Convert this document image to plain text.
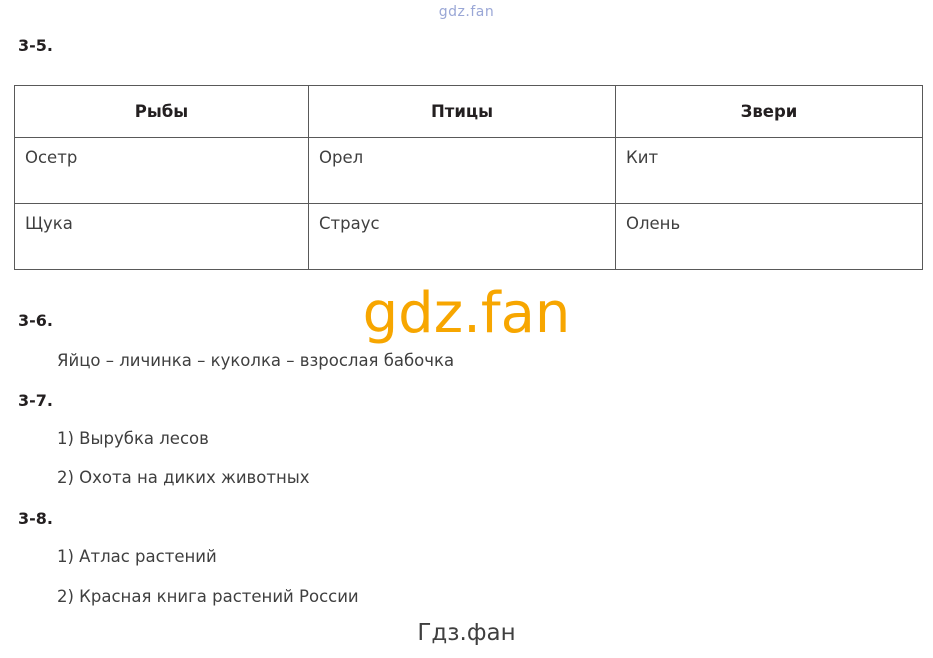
gdz.fan
3-5.
Рыбы	Птицы	Звери
Осетр	Орел	Кит
Щука	Страус	Олень
gdz.fan
3-6.
Яйцо – личинка – куколка – взрослая бабочка
3-7.
1) Вырубка лесов
2) Охота на диких животных
3-8.
1) Атлас растений
2) Красная книга растений России
Гдз.фан
